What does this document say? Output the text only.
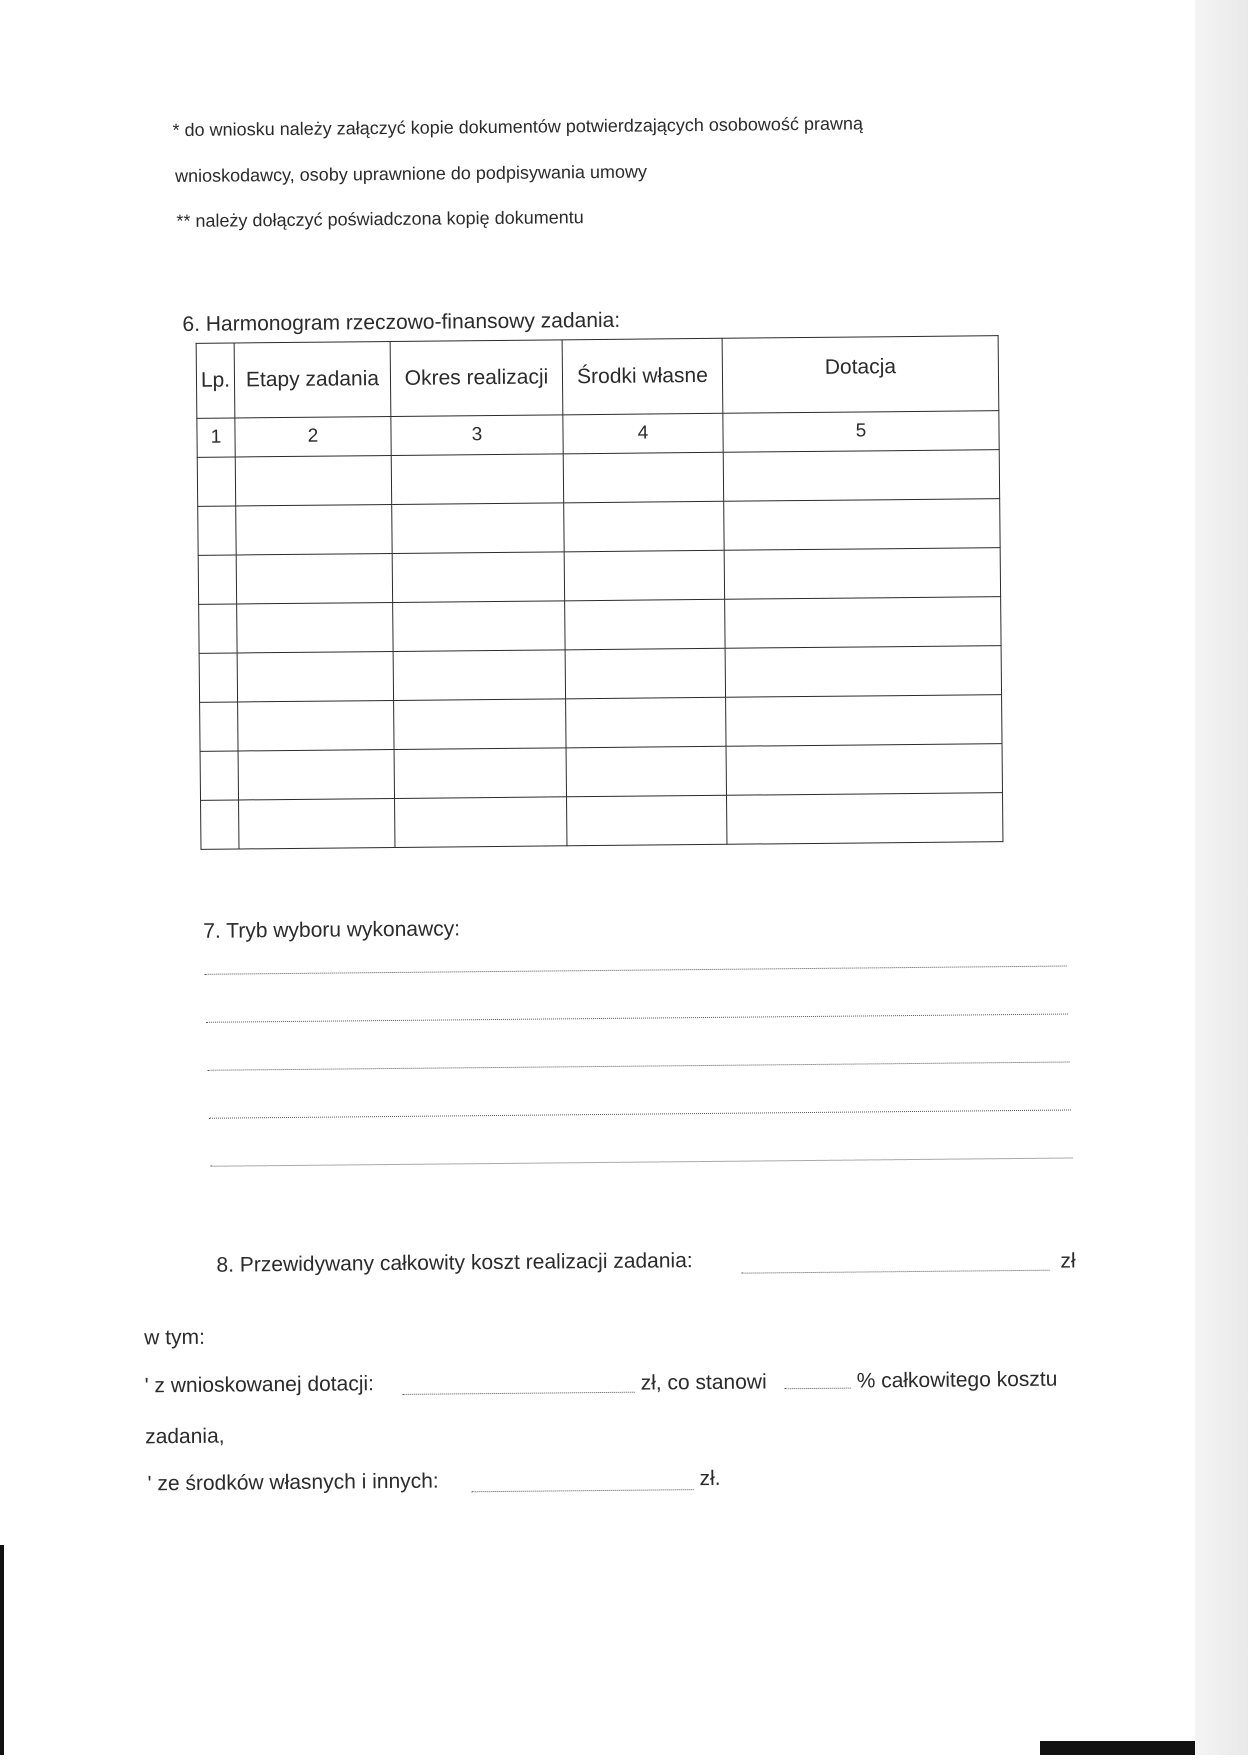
* do wniosku należy załączyć kopie dokumentów potwierdzających osobowość prawną
wnioskodawcy, osoby uprawnione do podpisywania umowy
** należy dołączyć poświadczona kopię dokumentu
6. Harmonogram rzeczowo-finansowy zadania:
Lp.	Etapy zadania	Okres realizacji	Środki własne	Dotacja
1	2	3	4	5

7. Tryb wyboru wykonawcy:
8. Przewidywany całkowity koszt realizacji zadania:	zł
w tym:
' z wnioskowanej dotacji:	zł, co stanowi	% całkowitego kosztu
zadania,
' ze środków własnych i innych:	zł.
